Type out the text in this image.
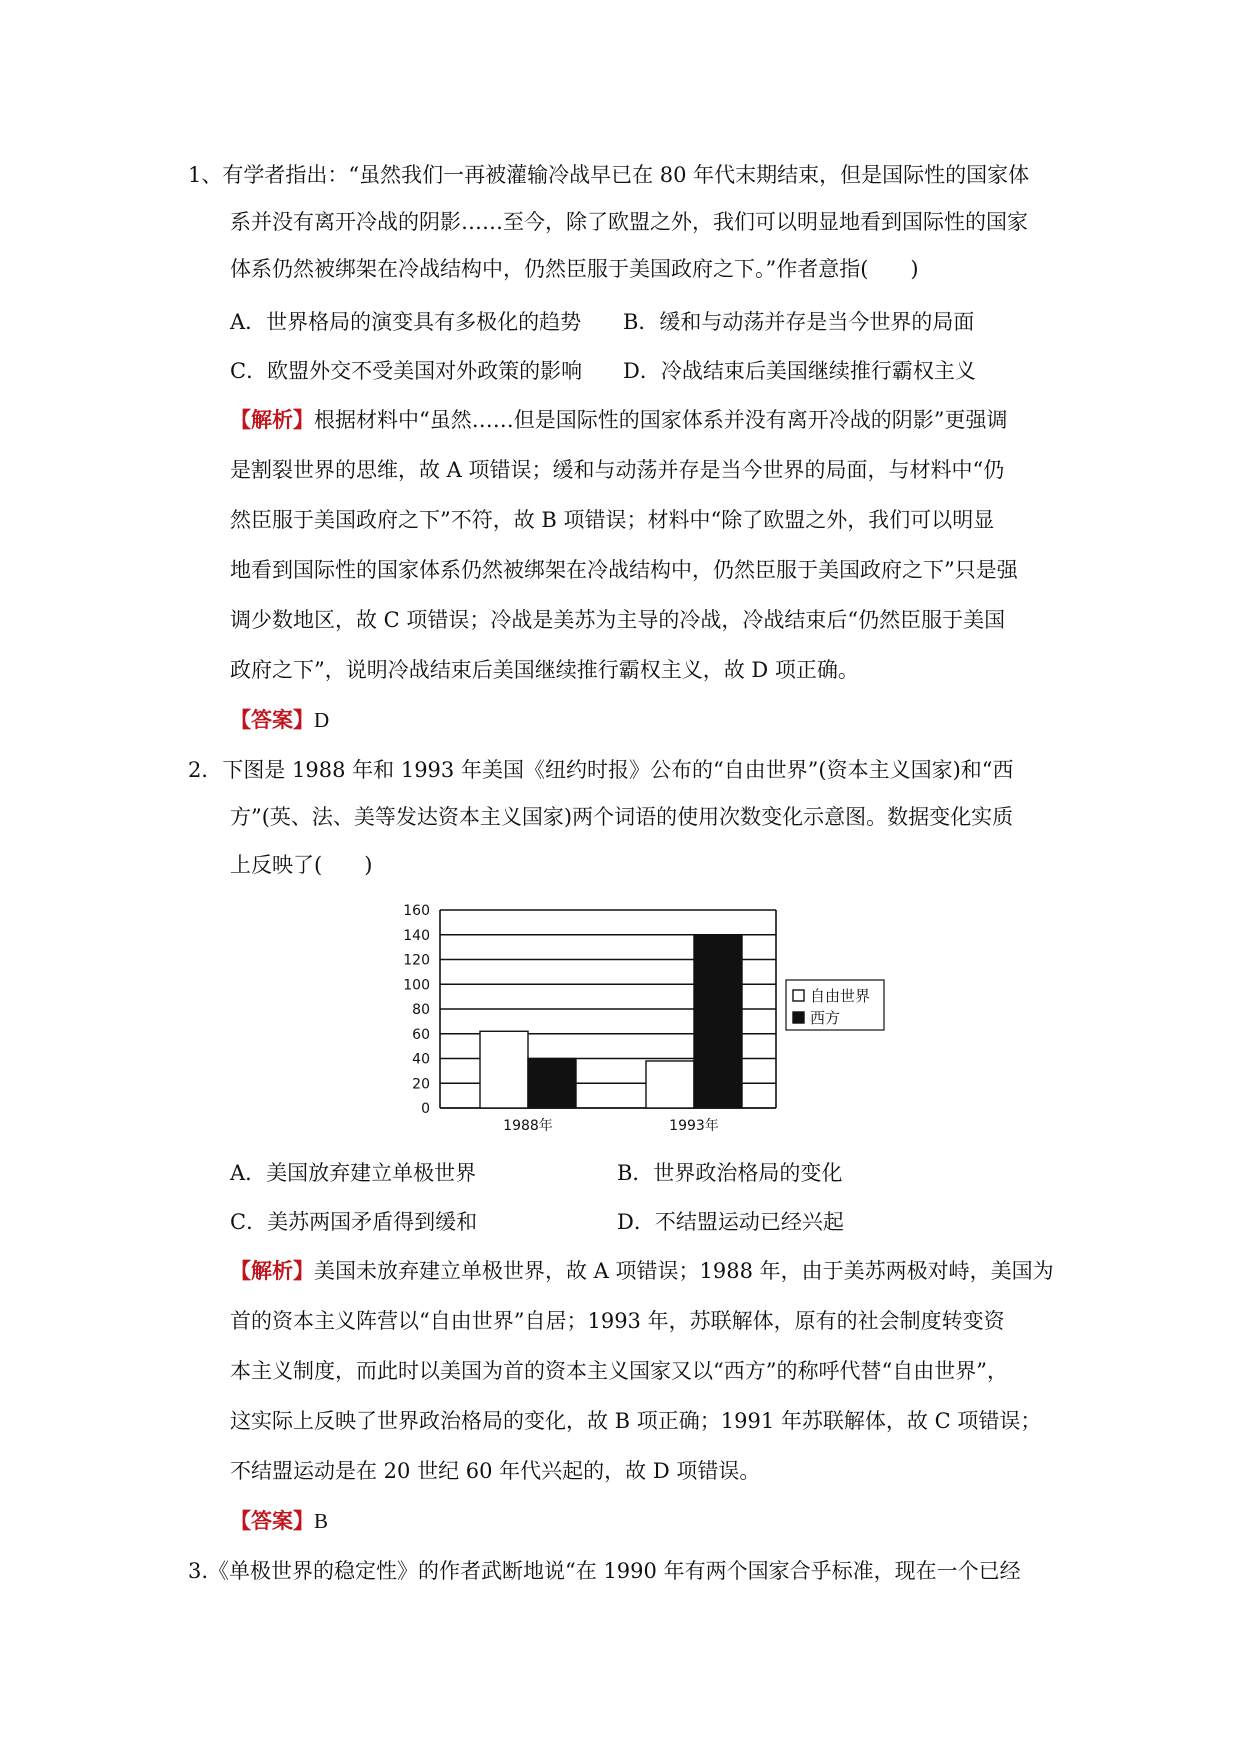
1、有学者指出：“虽然我们一再被灌输冷战早已在 80 年代末期结束，但是国际性的国家体
系并没有离开冷战的阴影……至今，除了欧盟之外，我们可以明显地看到国际性的国家
体系仍然被绑架在冷战结构中，仍然臣服于美国政府之下。”作者意指(　　)
A．世界格局的演变具有多极化的趋势 B．缓和与动荡并存是当今世界的局面
C．欧盟外交不受美国对外政策的影响 D．冷战结束后美国继续推行霸权主义
【解析】根据材料中“虽然……但是国际性的国家体系并没有离开冷战的阴影”更强调
是割裂世界的思维，故 A 项错误；缓和与动荡并存是当今世界的局面，与材料中“仍
然臣服于美国政府之下”不符，故 B 项错误；材料中“除了欧盟之外，我们可以明显
地看到国际性的国家体系仍然被绑架在冷战结构中，仍然臣服于美国政府之下”只是强
调少数地区，故 C 项错误；冷战是美苏为主导的冷战，冷战结束后“仍然臣服于美国
政府之下”，说明冷战结束后美国继续推行霸权主义，故 D 项正确。
【答案】D
2．下图是 1988 年和 1993 年美国《纽约时报》公布的“自由世界”(资本主义国家)和“西
方”(英、法、美等发达资本主义国家)两个词语的使用次数变化示意图。数据变化实质
上反映了(　　)
0
20
40
60
80
100
120
140
160
1988年	1993年
自由世界
西方
A．美国放弃建立单极世界	B．世界政治格局的变化
C．美苏两国矛盾得到缓和	D．不结盟运动已经兴起
【解析】美国未放弃建立单极世界，故 A 项错误；1988 年，由于美苏两极对峙，美国为
首的资本主义阵营以“自由世界”自居；1993 年，苏联解体，原有的社会制度转变资
本主义制度，而此时以美国为首的资本主义国家又以“西方”的称呼代替“自由世界”，
这实际上反映了世界政治格局的变化，故 B 项正确；1991 年苏联解体，故 C 项错误；
不结盟运动是在 20 世纪 60 年代兴起的，故 D 项错误。
【答案】B
3.《单极世界的稳定性》的作者武断地说“在 1990 年有两个国家合乎标准，现在一个已经
